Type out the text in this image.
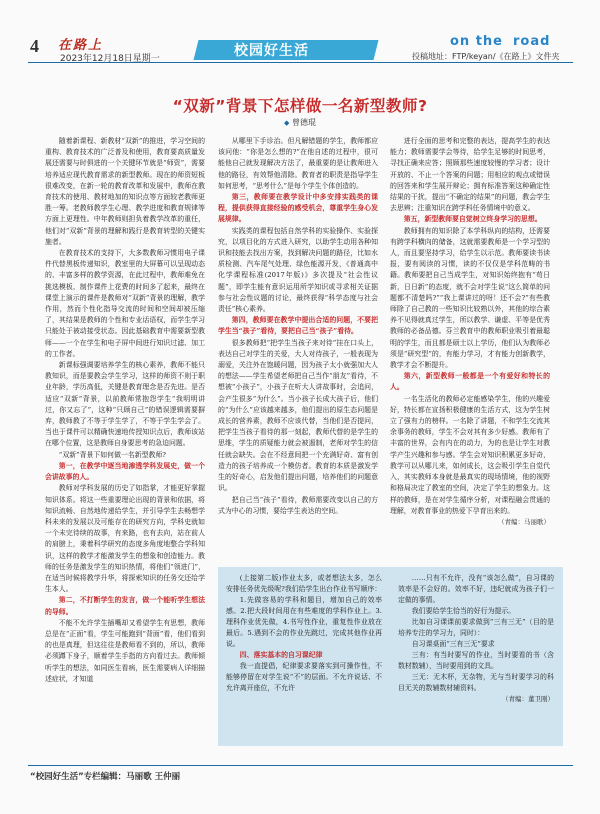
4 在路上
2023年12月18日星期一	校园好生活
on the road
投稿地址：FTP/keyan/《在路上》文件夹
“双新”背景下怎样做一名新型教师?
◆ 曾德琨

随着新课程、新教材“双新”的推进，学习空间的重构、教育技术的广泛普及和使用，教育要高质量发展还需要与时俱进的一个关键环节就是“师资”，需要培养适应现代教育需求的新型教师。现在的师资短板很难改变，在新一轮的教育改革和发展中，教师在教育技术的使用、教材地加的知识点等方面较老教师更胜一筹。老教师教学生心理、教学进度和教育规律等方面上更理性。中年教师则担负着教学改革的重任，他们对“双新”背景的理解和践行是教育转型的关键实施者。

在教育技术的支持下，大多数教师习惯用电子课件代替黑板传递知识，教室里的大屏幕可以呈现动态的、丰富多样的教学资源，在此过程中，教师难免在挑选模板、制作课件上花费的时间多了起来，最终在课堂上演示的课件是教师对“双新”背景的理解，教学作用，然而个性化指导交流的时间和空间却被压缩了，其结果是教师的个性和专业话语权，而学生学习只能处于被动接受状态。因此基础教育中需要新型教师——一个在学生和电子屏中间进行知识过滤、加工的工作者。

新课标强调要培养学生的核心素养，教师不能只教知识，而是要教会学生学习，这样的师资不则于职业年龄，学历高低，关键是教育理念是否先进。是否适应“双新”背景，以前教师常抱怨学生“我明明讲过，你又忘了”，这种“只顾自己”的错误逻辑需要摒弃，教师教了不等于学生学了，不等于学生学会了。当也于课件可以精确快速地传授知识点后，教师该站在哪个位置，这是教师自身要思考的急迫问题。

“双新”背景下如何做一名新型教师?

第一，在教学中逐当地渗透学科发展史，做一个会讲故事的人。

教师对学科发展的历史了如指掌，才能更好掌握知识体系。将这一些重要理论出现的背景和依据，将知识流畅、自然地传递给学生，并引导学生去畅想学科未来的发展以及可能存在的研究方向，学科史就如一个未完待续的故事，有来路，也有去向，站在前人的肩膀上，秉着科学研究的态度多角度地整合学科知识，这样的教学才能激发学生的想象和创造能力。教师的任务是激发学生的知识热情，将他们“领进门”，在适当时候将教学升华，将探索知识的任务交还给学生本人。

第二，不打断学生的发言，做一个能听学生想法的导师。

不能不允许学生插嘴却又希望学生有思想，教师总是在“正面”看，学生可能跑到“背面”看，他们看到的也是真理，但这往往是教师看不到的，所以，教师必须蹲下身子，顺着学生手指的方向看过去。教师倾听学生的想法，如同医生看病，医生需要病人详细描述症状，才知道

从哪里下手诊治。但凡解错题的学生，教师都应该问他：“你是怎么想的?”在他自述的过程中，很可能他自己就发现解决方法了，最重要的是让教师进入他的路径，有效帮他清除。教育者的职责是指导学生如何思考，“思考什么”是每个学生个体创造的。

第三，教师要在教学设计中多安排实践类的课程，提供获得直接经验的感受机会，尊重学生身心发展规律。

实践类的课程包括自然学科的实验操作、实验探究，以项目化的方式进入研究，以助学生动用各种知识和技能去找出方案，找到解决问题的路径，比如水质检测、汽车尾气处理、绿色能源开发，《普通高中化学课程标准(2017年版)》多次提及“社会性议题”，即学生能有意识运用所学知识或寻求相关证据参与社会性议题的讨论，最终获得“科学态度与社会责任”核心素养。

第四，教师要在教学中提出合适的问题，不要把学生当“孩子”看待，要把自己当“孩子”看待。

很多教师把“把学生当孩子来对待”挂在口头上，表达自己对学生的关爱，大人对待孩子，一般表现为溺爱，关注外在饱暖问题，因为孩子太小就强加大人的想法——学生希望老师把自己当作“朋友”看待，不想被“小孩子”，小孩子在听大人讲故事时，会追问，会产生很多“为什么”。当小孩子长成大孩子后，他们的“为什么”应该越来越多，他们提出的原生态问题是成长的营养素，教师不应该代替，当他们是否提问，把学生当孩子看待的那一刻起，教师代替的是学生的思维，学生的质疑能力就会被遏制，老师对学生的信任就会缺失。会在不经意间把一个充满好奇、富有创造力的孩子培养成一个模仿者。教育的本质是激发学生的好奇心，启发他们提出问题，培养他们的问题意识。

把自己当“孩子”看待，教师需要改变以自己的方式为中心的习惯，要给学生表达的空间。

进行全面的思考和完整的表达，提高学生的表达能力；教师需要学会等待，给学生足够的时间思考，寻找正确来应答；照顾那些速度较慢的学习者；设计开放的、不止一个答案的问题；用相应的观点或错误的回答来和学生展开辩论；拥有标准答案这种确定性结果的干扰，提出“不确定的结果”的问题，教会学生去思辨；注重知识在跨学科任务情境中的意义。

第五，新型教师要自觉树立终身学习的思想。

教师拥有的知识除了本学科纵向的结构，还需要有跨学科横向的储备，这就需要教师是一个学习型的人，而且要坚持学习，给学生以示范。教师要读书读报，要有阅读的习惯，读的不仅仅是学科范畴的书籍。教师要把自己当成学生，对知识始终抱有“苟日新，日日新”的态度，就不会对学生说“这么简单的问题都不清楚吗?”“我上课讲过的呀！还不会?”有些教师除了自己教的一些知识比较熟以外，其他的综合素养不见得就真过学生，所以教学、谦虚、平等是优秀教师的必备品德。芬兰教育中的教师职业吸引着最聪明的学生，而且都是硕士以上学历，他们认为教师必须是“研究型”的，有能力学习，才有能力创新教学，教学才会不断提升。

第六，新型教师一般都是一个有爱好和特长的人。

一名生活化的教师必定能感染学生，他的兴趣爱好，特长都在宣扬积极健康的生活方式，这为学生树立了强有力的榜样。一名除了讲题，不和学生交流其余事务的教师，学生不会对其有多少好感。教师有了丰富的世界，会有内在的动力，为的也是让学生对教学产生兴趣和参与感。学生会对知识积累更多好奇，教学可以从哪儿来，如何成长，这会吸引学生自觉代入，其实教师本身就是最真实的现场情境，他的视野和格局决定了教室的空间，决定了学生的想象力。这样的教师，是在对学生循序分析，对课程融会贯通的理解，对教育事业的热爱下孕育出来的。

（青编：马丽歌）

(上接第二版)作业太多，或者想法太多，怎么安排任务优先级呢?我们给学生出台作业书写顺序：

1.先做容易的学科和题目，增加自己的效率感。2.把大段时间用在有些难度的学科作业上。3.理科作业优先做，4.书写性作业，重复性作业放在最后。5.遇到不会的作业先跳过，完成其他作业再说。

四、落实基本的自习课纪律

我一直提倡，纪律要求要落实到可操作性，不能够停留在对学生说“不”的层面。不允许说话、不允许离开座位，不允许

……只有不允许，没有“该怎么做”，自习课的效率是不会好的。效率不好，违纪就成为孩子们一定做的事情。

我们要给学生恰当的好行为提示。

比如自习课课前要求做到“三有三无”（目的是培养专注的学习力，同时）：

自习课桌面“三有三无”要求

三有：有当时要写的作业，当时要看的书（含数材数辅），当时要用到的文具。

三无：无木杯，无杂物，无与当时要学习的科目无关的数辅数材辅资料。

（青编：董卫刚）

“校园好生活”专栏编辑：马丽歌 王仲丽
